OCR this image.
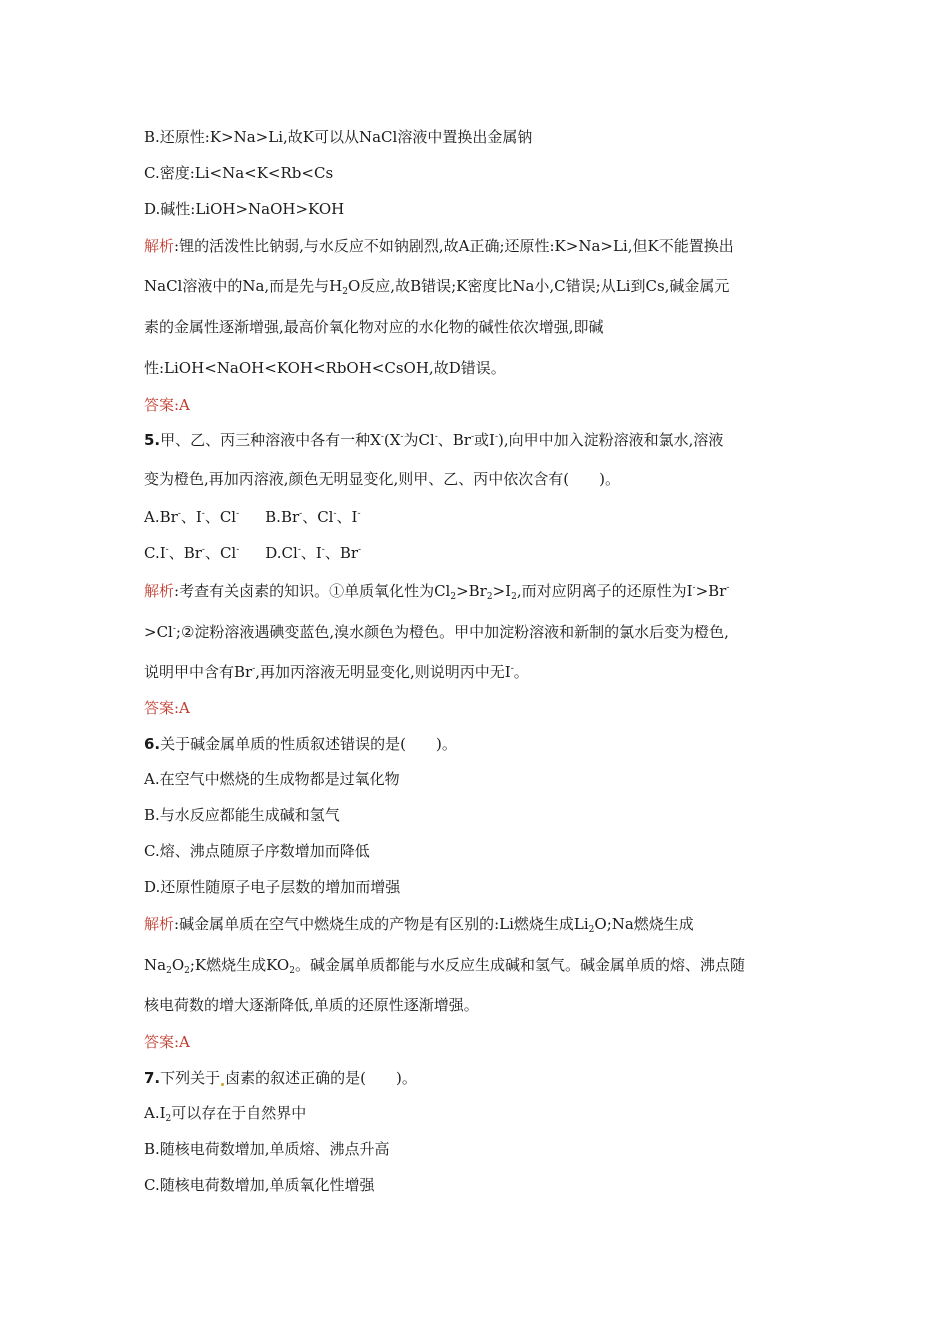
B.还原性:K>Na>Li,故K可以从NaCl溶液中置换出金属钠
C.密度:Li<Na<K<Rb<Cs
D.碱性:LiOH>NaOH>KOH
解析:锂的活泼性比钠弱,与水反应不如钠剧烈,故A正确;还原性:K>Na>Li,但K不能置换出
NaCl溶液中的Na,而是先与$H_2O$反应,故B错误;K密度比Na小,C错误;从Li到Cs,碱金属元
素的金属性逐渐增强,最高价氧化物对应的水化物的碱性依次增强,即碱
性:LiOH<NaOH<KOH<RbOH<CsOH,故D错误。
答案:A
5.甲、乙、丙三种溶液中各有一种X-(X-为Cl-、Br-或I-),向甲中加入淀粉溶液和氯水,溶液
变为橙色,再加丙溶液,颜色无明显变化,则甲、乙、丙中依次含有(　　)。
A.Br-、I-、Cl- B.Br-、Cl-、I-
C.I-、Br-、Cl- D.Cl-、I-、Br-
解析:考查有关卤素的知识。①单质氧化性为$Cl_2>Br_2>I_2$,而对应阴离子的还原性为I->Br-
>Cl-;②淀粉溶液遇碘变蓝色,溴水颜色为橙色。甲中加淀粉溶液和新制的氯水后变为橙色,
说明甲中含有Br-,再加丙溶液无明显变化,则说明丙中无I-。
答案:A
6.关于碱金属单质的性质叙述错误的是(　　)。
A.在空气中燃烧的生成物都是过氧化物
B.与水反应都能生成碱和氢气
C.熔、沸点随原子序数增加而降低
D.还原性随原子电子层数的增加而增强
解析:碱金属单质在空气中燃烧生成的产物是有区别的:Li燃烧生成$Li_2O;Na$燃烧生成
$Na_2O_2;K$燃烧生成$KO_2$。碱金属单质都能与水反应生成碱和氢气。碱金属单质的熔、沸点随
核电荷数的增大逐渐降低,单质的还原性逐渐增强。
答案:A
7.下列关于 卤素的叙述正确的是(　　)。
$A.I_2$可以存在于自然界中
B.随核电荷数增加,单质熔、沸点升高
C.随核电荷数增加,单质氧化性增强
